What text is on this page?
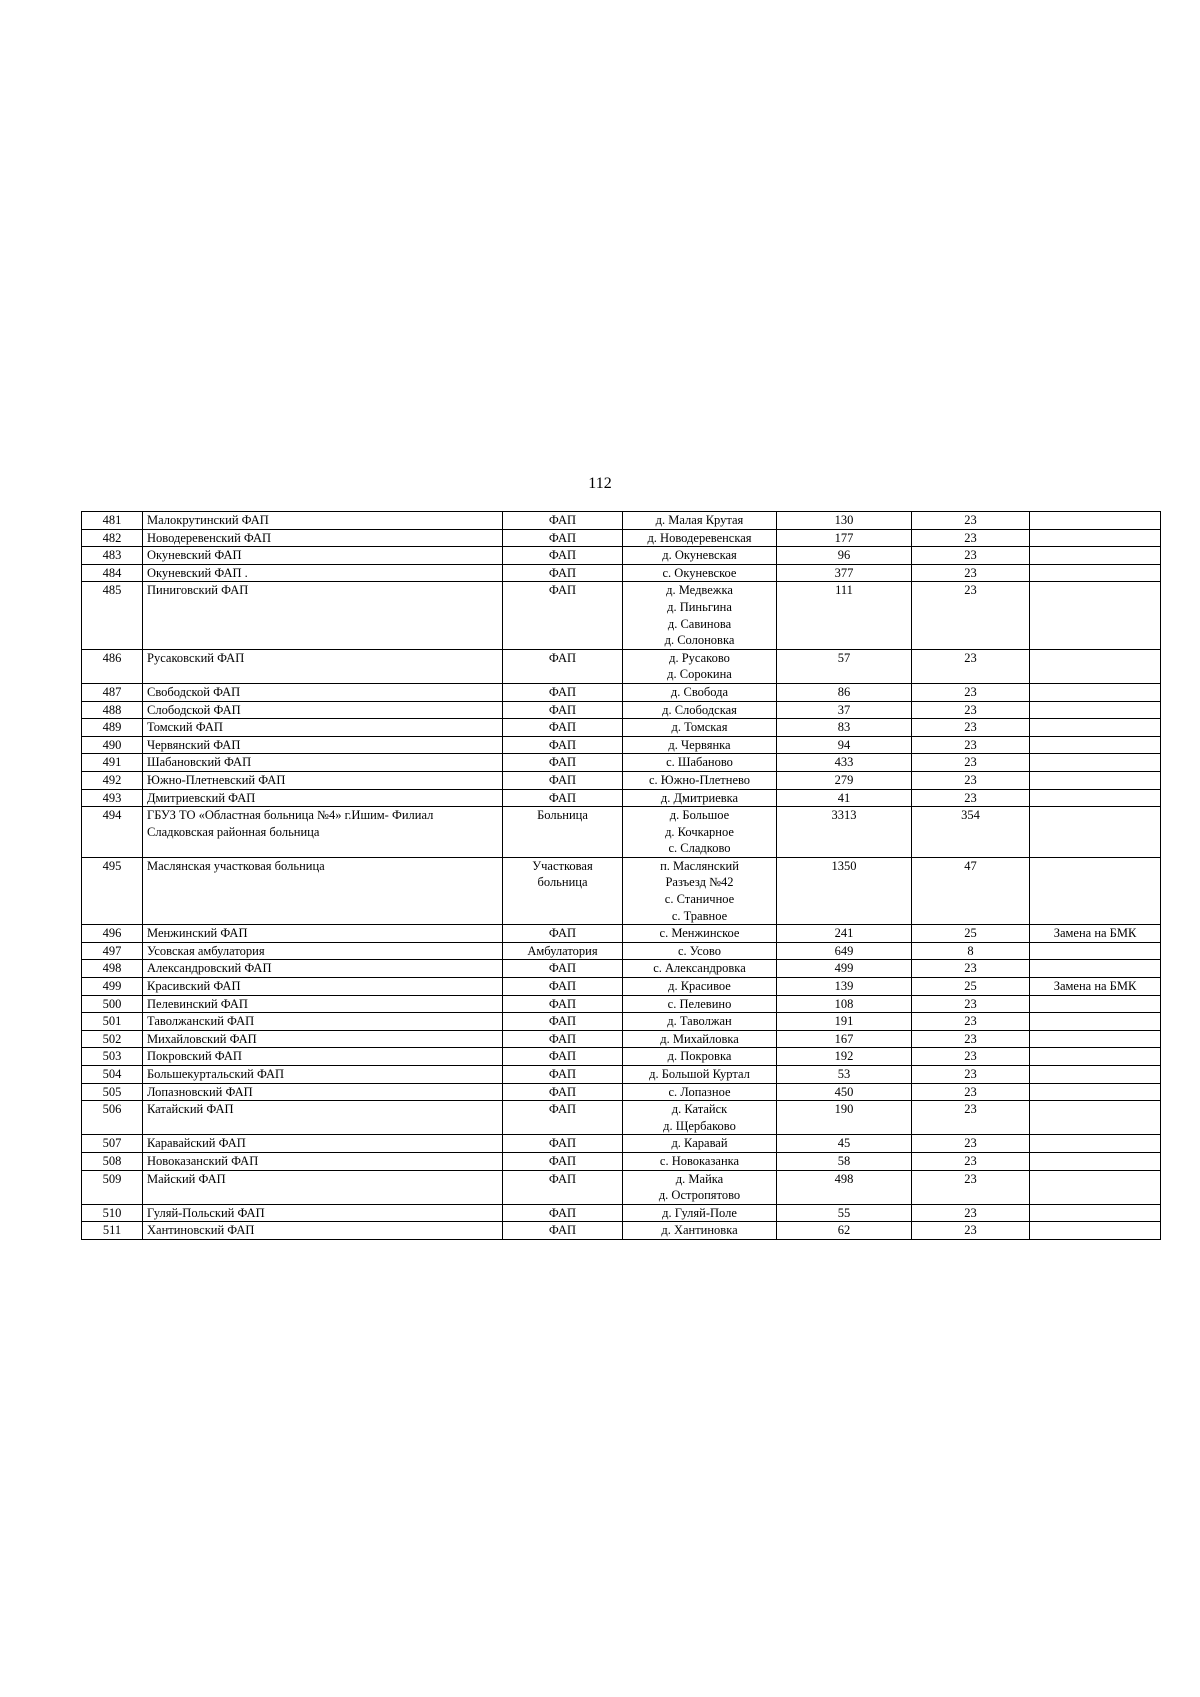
112
481	Малокрутинский ФАП	ФАП	д. Малая Крутая	130	23	
482	Новодеревенский ФАП	ФАП	д. Новодеревенская	177	23	
483	Окуневский ФАП	ФАП	д. Окуневская	96	23	
484	Окуневский ФАП .	ФАП	с. Окуневское	377	23	
485	Пиниговский ФАП	ФАП	д. Медвежка
д. Пиньгина
д. Савинова
д. Солоновка	111	23	
486	Русаковский ФАП	ФАП	д. Русаково
д. Сорокина	57	23	
487	Свободской ФАП	ФАП	д. Свобода	86	23	
488	Слободской ФАП	ФАП	д. Слободская	37	23	
489	Томский ФАП	ФАП	д. Томская	83	23	
490	Червянский ФАП	ФАП	д. Червянка	94	23	
491	Шабановский ФАП	ФАП	с. Шабаново	433	23	
492	Южно-Плетневский ФАП	ФАП	с. Южно-Плетнево	279	23	
493	Дмитриевский ФАП	ФАП	д. Дмитриевка	41	23	
494	ГБУЗ ТО «Областная больница №4» г.Ишим- Филиал
Сладковская районная больница	Больница	д. Большое
д. Кочкарное
с. Сладково	3313	354	
495	Маслянская участковая больница	Участковая
больница	п. Маслянский
Разъезд №42
с. Станичное
с. Травное	1350	47	
496	Менжинский ФАП	ФАП	с. Менжинское	241	25	Замена на БМК
497	Усовская амбулатория	Амбулатория	с. Усово	649	8	
498	Александровский ФАП	ФАП	с. Александровка	499	23	
499	Красивский ФАП	ФАП	д. Красивое	139	25	Замена на БМК
500	Пелевинский ФАП	ФАП	с. Пелевино	108	23	
501	Таволжанский ФАП	ФАП	д. Таволжан	191	23	
502	Михайловский ФАП	ФАП	д. Михайловка	167	23	
503	Покровский ФАП	ФАП	д. Покровка	192	23	
504	Большекуртальский ФАП	ФАП	д. Большой Куртал	53	23	
505	Лопазновский ФАП	ФАП	с. Лопазное	450	23	
506	Катайский ФАП	ФАП	д. Катайск
д. Щербаково	190	23	
507	Каравайский ФАП	ФАП	д. Каравай	45	23	
508	Новоказанский ФАП	ФАП	с. Новоказанка	58	23	
509	Майский ФАП	ФАП	д. Майка
д. Остропятово	498	23	
510	Гуляй-Польский ФАП	ФАП	д. Гуляй-Поле	55	23	
511	Хантиновский ФАП	ФАП	д. Хантиновка	62	23	
